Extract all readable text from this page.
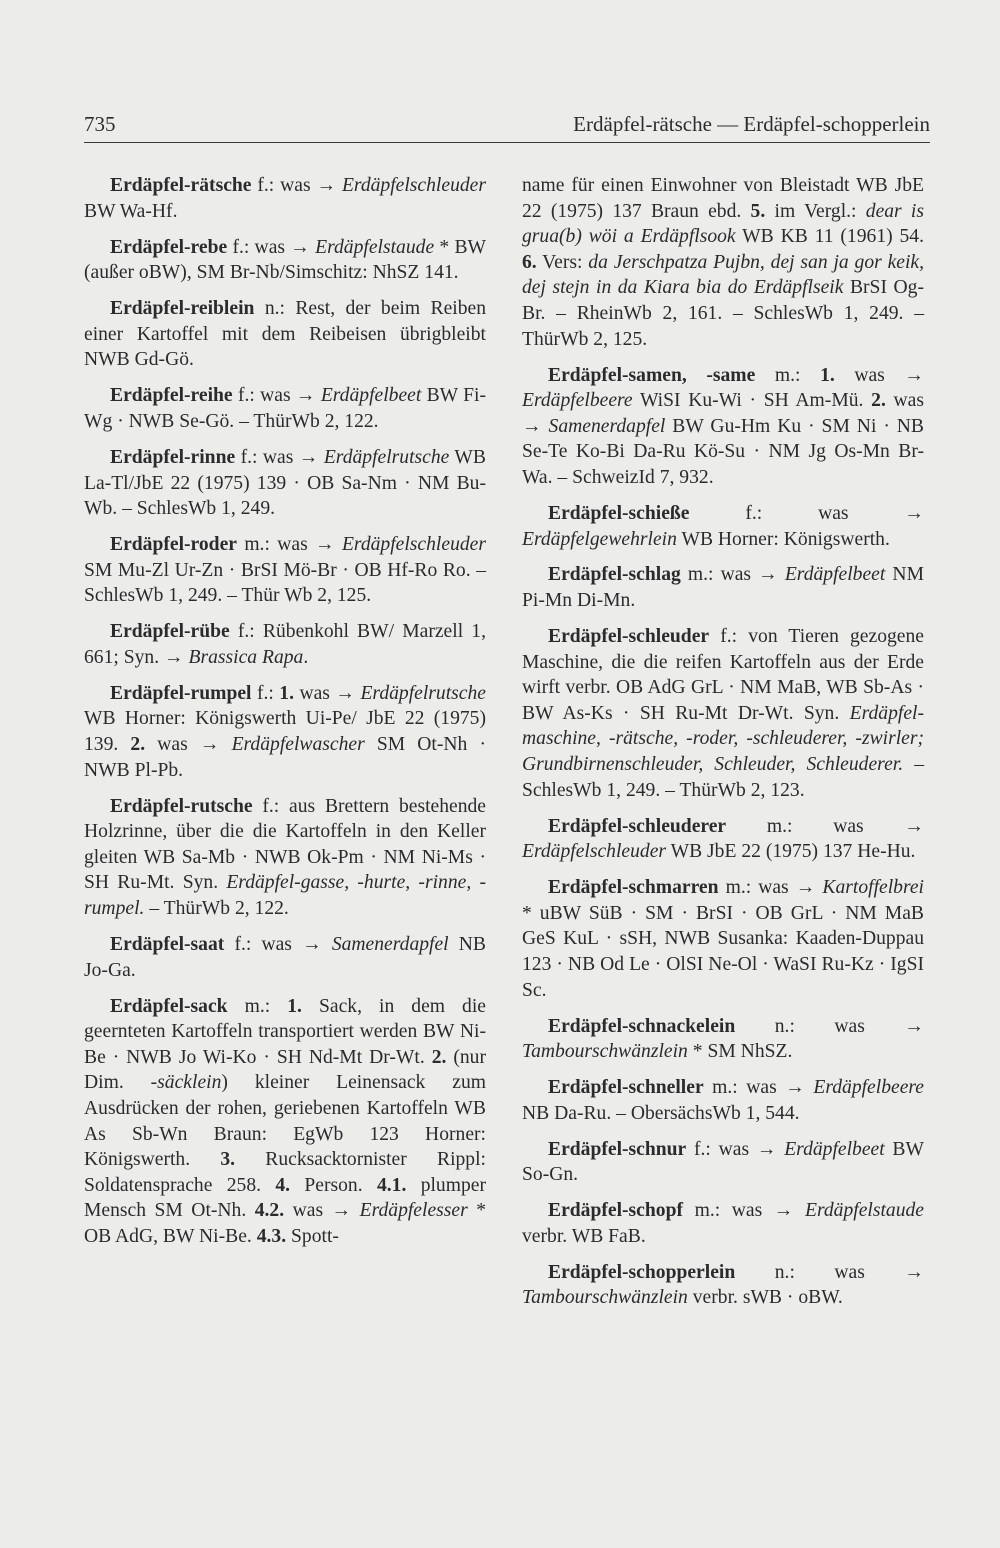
735	Erdäpfel-rätsche — Erdäpfel-schopperlein

Erdäpfel-rätsche f.: was → Erdäpfelschleuder BW Wa-Hf.

Erdäpfel-rebe f.: was → Erdäpfelstaude * BW (außer oBW), SM Br-Nb/Simschitz: NhSZ 141.

Erdäpfel-reiblein n.: Rest, der beim Reiben einer Kartoffel mit dem Reibeisen übrigbleibt NWB Gd-Gö.

Erdäpfel-reihe f.: was → Erdäpfelbeet BW Fi-Wg · NWB Se-Gö. – ThürWb 2, 122.

Erdäpfel-rinne f.: was → Erdäpfelrutsche WB La-Tl/JbE 22 (1975) 139 · OB Sa-Nm · NM Bu-Wb. – SchlesWb 1, 249.

Erdäpfel-roder m.: was → Erdäpfelschleuder SM Mu-Zl Ur-Zn · BrSI Mö-Br · OB Hf-Ro Ro. – SchlesWb 1, 249. – Thür Wb 2, 125.

Erdäpfel-rübe f.: Rübenkohl BW/ Marzell 1, 661; Syn. → Brassica Rapa.

Erdäpfel-rumpel f.: 1. was → Erdäpfelrutsche WB Horner: Königswerth Ui-Pe/ JbE 22 (1975) 139. 2. was → Erdäpfelwascher SM Ot-Nh · NWB Pl-Pb.

Erdäpfel-rutsche f.: aus Brettern bestehende Holzrinne, über die die Kartoffeln in den Keller gleiten WB Sa-Mb · NWB Ok-Pm · NM Ni-Ms · SH Ru-Mt. Syn. Erdäpfel-gasse, -hurte, -rinne, -rumpel. – ThürWb 2, 122.

Erdäpfel-saat f.: was → Samenerdapfel NB Jo-Ga.

Erdäpfel-sack m.: 1. Sack, in dem die geernteten Kartoffeln transportiert werden BW Ni-Be · NWB Jo Wi-Ko · SH Nd-Mt Dr-Wt. 2. (nur Dim. -säcklein) kleiner Leinensack zum Ausdrücken der rohen, geriebenen Kartoffeln WB As Sb-Wn Braun: EgWb 123 Horner: Königswerth. 3. Rucksacktornister Rippl: Soldatensprache 258. 4. Person. 4.1. plumper Mensch SM Ot-Nh. 4.2. was → Erdäpfelesser * OB AdG, BW Ni-Be. 4.3. Spott-

name für einen Einwohner von Bleistadt WB JbE 22 (1975) 137 Braun ebd. 5. im Vergl.: dear is grua(b) wöi a Erdäpflsook WB KB 11 (1961) 54. 6. Vers: da Jerschpatza Pujbn, dej san ja gor keik, dej stejn in da Kiara bia do Erdäpflseik BrSI Og-Br. – RheinWb 2, 161. – SchlesWb 1, 249. – ThürWb 2, 125.

Erdäpfel-samen, -same m.: 1. was → Erdäpfelbeere WiSI Ku-Wi · SH Am-Mü. 2. was → Samenerdapfel BW Gu-Hm Ku · SM Ni · NB Se-Te Ko-Bi Da-Ru Kö-Su · NM Jg Os-Mn Br-Wa. – SchweizId 7, 932.

Erdäpfel-schieße f.: was → Erdäpfelgewehrlein WB Horner: Königswerth.

Erdäpfel-schlag m.: was → Erdäpfelbeet NM Pi-Mn Di-Mn.

Erdäpfel-schleuder f.: von Tieren gezogene Maschine, die die reifen Kartoffeln aus der Erde wirft verbr. OB AdG GrL · NM MaB, WB Sb-As · BW As-Ks · SH Ru-Mt Dr-Wt. Syn. Erdäpfel-maschine, -rätsche, -roder, -schleuderer, -zwirler; Grundbirnenschleuder, Schleuder, Schleuderer. – SchlesWb 1, 249. – ThürWb 2, 123.

Erdäpfel-schleuderer m.: was → Erdäpfelschleuder WB JbE 22 (1975) 137 He-Hu.

Erdäpfel-schmarren m.: was → Kartoffelbrei * uBW SüB · SM · BrSI · OB GrL · NM MaB GeS KuL · sSH, NWB Susanka: Kaaden-Duppau 123 · NB Od Le · OlSI Ne-Ol · WaSI Ru-Kz · IgSI Sc.

Erdäpfel-schnackelein n.: was → Tambourschwänzlein * SM NhSZ.

Erdäpfel-schneller m.: was → Erdäpfelbeere NB Da-Ru. – ObersächsWb 1, 544.

Erdäpfel-schnur f.: was → Erdäpfelbeet BW So-Gn.

Erdäpfel-schopf m.: was → Erdäpfelstaude verbr. WB FaB.

Erdäpfel-schopperlein n.: was → Tambourschwänzlein verbr. sWB · oBW.
